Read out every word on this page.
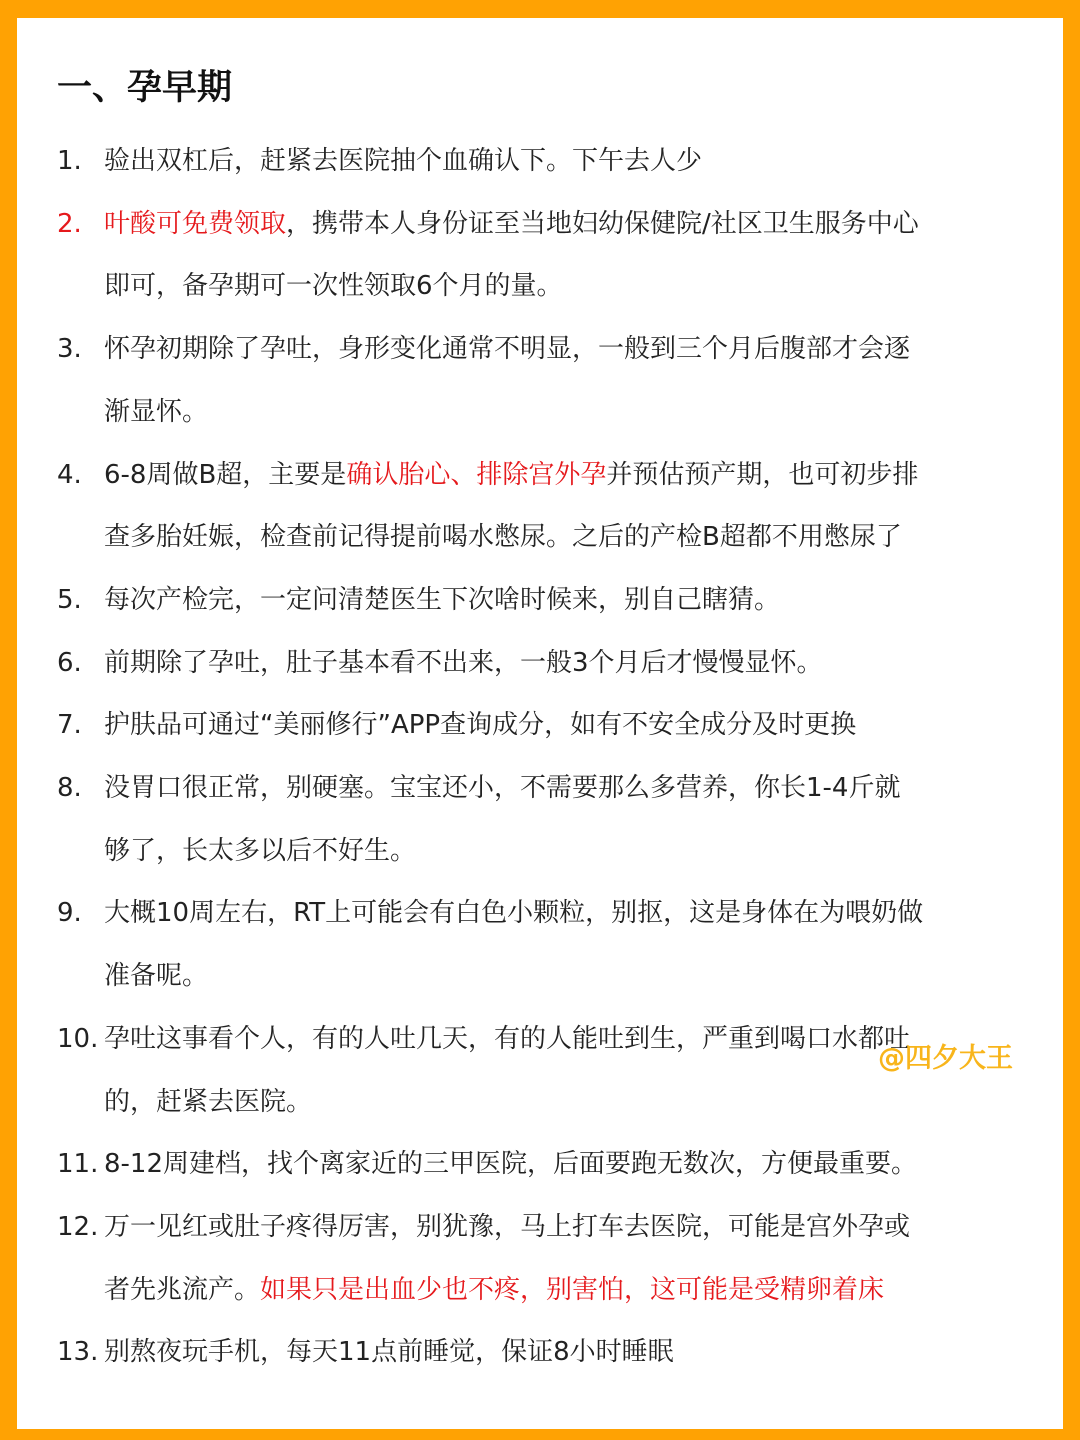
一、孕早期
1. 验出双杠后，赶紧去医院抽个血确认下。下午去人少
2. 叶酸可免费领取，携带本人身份证至当地妇幼保健院/社区卫生服务中心
即可，备孕期可一次性领取6个月的量。
3. 怀孕初期除了孕吐，身形变化通常不明显，一般到三个月后腹部才会逐
渐显怀。
4. 6-8周做B超，主要是确认胎心、排除宫外孕并预估预产期，也可初步排
查多胎妊娠，检查前记得提前喝水憋尿。之后的产检B超都不用憋尿了
5. 每次产检完，一定问清楚医生下次啥时候来，别自己瞎猜。
6. 前期除了孕吐，肚子基本看不出来，一般3个月后才慢慢显怀。
7. 护肤品可通过“美丽修行”APP查询成分，如有不安全成分及时更换
8. 没胃口很正常，别硬塞。宝宝还小，不需要那么多营养，你长1-4斤就
够了，长太多以后不好生。
9. 大概10周左右，RT上可能会有白色小颗粒，别抠，这是身体在为喂奶做
准备呢。
10. 孕吐这事看个人，有的人吐几天，有的人能吐到生，严重到喝口水都吐
的，赶紧去医院。
11. 8-12周建档，找个离家近的三甲医院，后面要跑无数次，方便最重要。
12. 万一见红或肚子疼得厉害，别犹豫，马上打车去医院，可能是宫外孕或
者先兆流产。如果只是出血少也不疼，别害怕，这可能是受精卵着床
13. 别熬夜玩手机，每天11点前睡觉，保证8小时睡眠
@四夕大王
